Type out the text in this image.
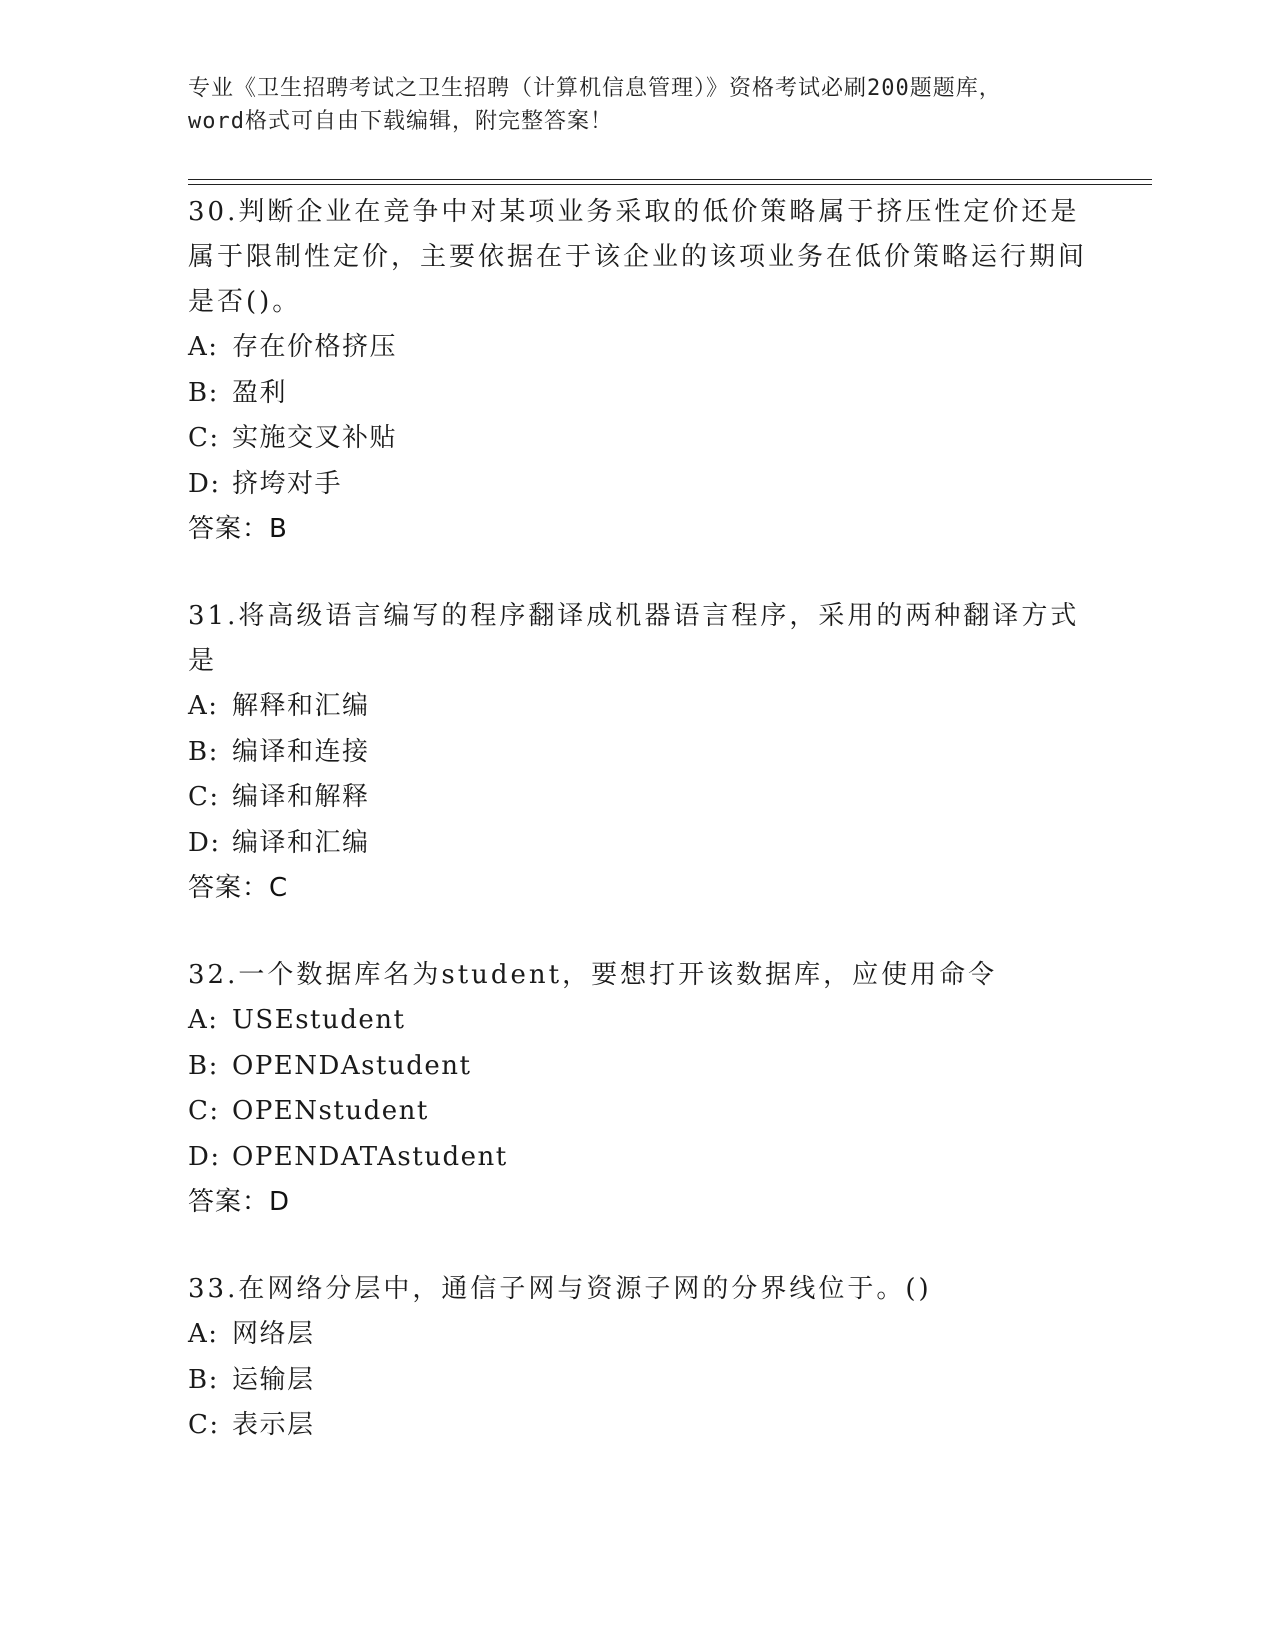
专业《卫生招聘考试之卫生招聘（计算机信息管理）》资格考试必刷200题题库，
word格式可自由下载编辑，附完整答案！

30.判断企业在竞争中对某项业务采取的低价策略属于挤压性定价还是属于限制性定价，主要依据在于该企业的该项业务在低价策略运行期间是否()。

A: 存在价格挤压
B: 盈利
C: 实施交叉补贴
D: 挤垮对手
答案：B

31.将高级语言编写的程序翻译成机器语言程序，采用的两种翻译方式是

A: 解释和汇编
B: 编译和连接
C: 编译和解释
D: 编译和汇编
答案：C

32.一个数据库名为student，要想打开该数据库，应使用命令

A: USEstudent
B: OPENDAstudent
C: OPENstudent
D: OPENDATAstudent
答案：D

33.在网络分层中，通信子网与资源子网的分界线位于。()

A: 网络层
B: 运输层
C: 表示层
